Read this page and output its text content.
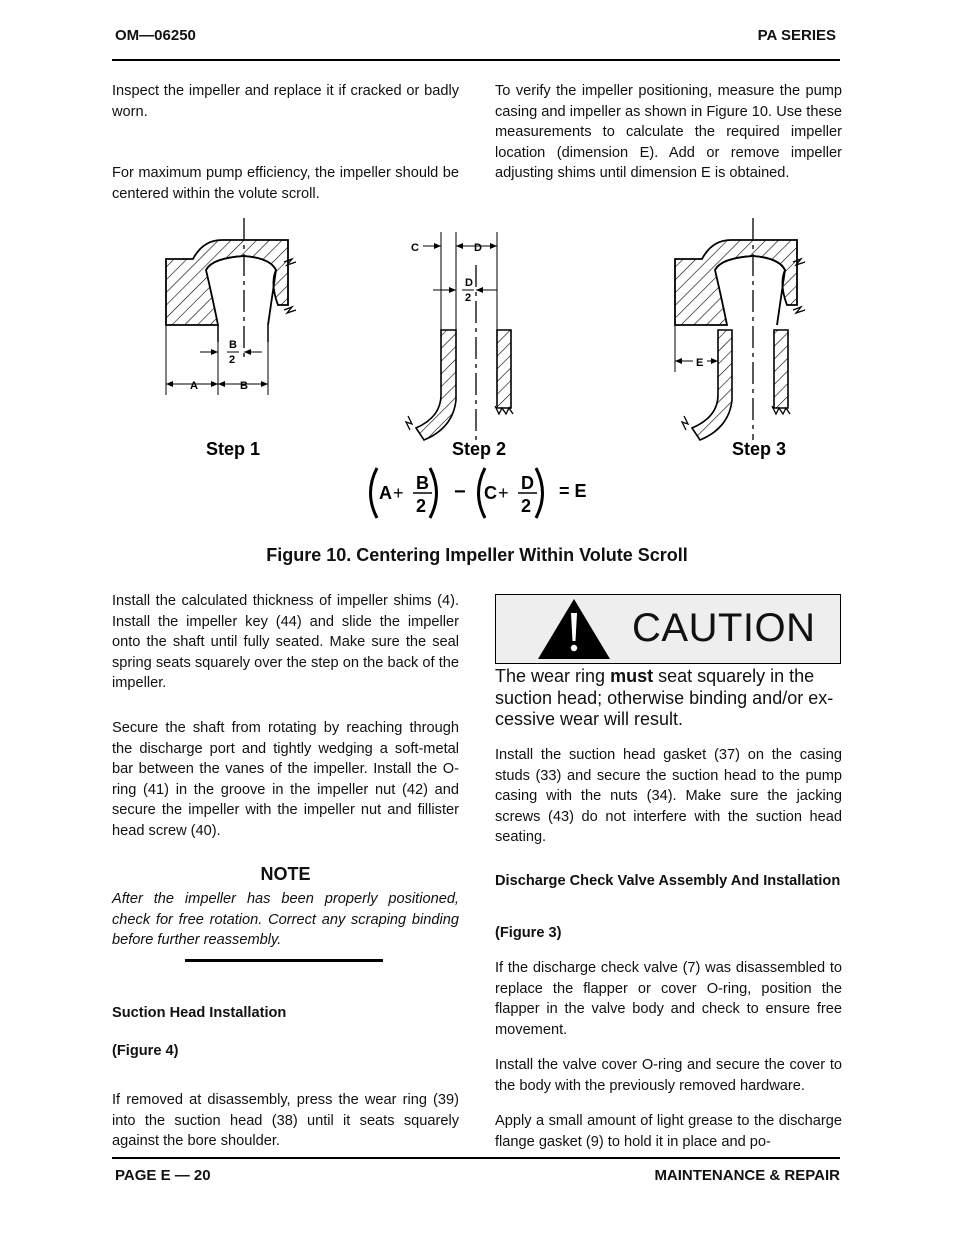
OM—06250	PA SERIES
Inspect the impeller and replace it if cracked or badly worn.
For maximum pump efficiency, the impeller should be centered within the volute scroll.
To verify the impeller positioning, measure the pump casing and impeller as shown in Figure 10. Use these measurements to calculate the required impeller location (dimension E). Add or remove impeller adjusting shims until dimension E is obtained.
A	B
B
2
C	D
D
2
E
Step 1	Step 2	Step 3
A + B
2
− C + D
2
= E
Figure 10. Centering Impeller Within Volute Scroll
Install the calculated thickness of impeller shims (4). Install the impeller key (44) and slide the impeller onto the shaft until fully seated. Make sure the seal spring seats squarely over the step on the back of the impeller.
Secure the shaft from rotating by reaching through the discharge port and tightly wedging a soft-metal bar between the vanes of the impeller. Install the O-ring (41) in the groove in the impeller nut (42) and secure the impeller with the impeller nut and fillister head screw (40).
NOTE
After the impeller has been properly positioned, check for free rotation. Correct any scraping binding before further reassembly.
Suction Head Installation
(Figure 4)
If removed at disassembly, press the wear ring (39) into the suction head (38) until it seats squarely against the bore shoulder.
CAUTION
The wear ring must seat squarely in the suction head; otherwise binding and/or excessive wear will result.
Install the suction head gasket (37) on the casing studs (33) and secure the suction head to the pump casing with the nuts (34). Make sure the jacking screws (43) do not interfere with the suction head seating.
Discharge Check Valve Assembly And Installation
(Figure 3)
If the discharge check valve (7) was disassembled to replace the flapper or cover O-ring, position the flapper in the valve body and check to ensure free movement.
Install the valve cover O-ring and secure the cover to the body with the previously removed hardware.
Apply a small amount of light grease to the discharge flange gasket (9) to hold it in place and po-
PAGE E — 20	MAINTENANCE & REPAIR
